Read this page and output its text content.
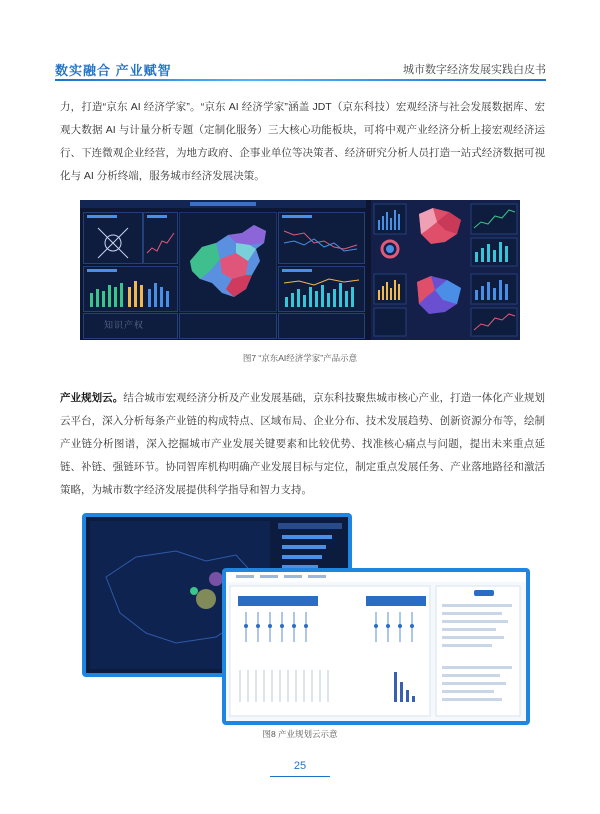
数实融合 产业赋智	城市数字经济发展实践白皮书

力，打造“京东 AI 经济学家”。“京东 AI 经济学家”涵盖 JDT（京东科技）宏观经济与社会发展数据库、宏观大数据 AI 与计量分析专题（定制化服务）三大核心功能板块，可将中观产业经济分析上接宏观经济运行、下连微观企业经营，为地方政府、企事业单位等决策者、经济研究分析人员打造一站式经济数据可视化与 AI 分析终端，服务城市经济发展决策。

知识产权
图7 “京东AI经济学家”产品示意

产业规划云。结合城市宏观经济分析及产业发展基础，京东科技聚焦城市核心产业，打造一体化产业规划云平台，深入分析每条产业链的构成特点、区域布局、企业分布、技术发展趋势、创新资源分布等，绘制产业链分析图谱，深入挖掘城市产业发展关键要素和比较优势、找准核心痛点与问题，提出未来重点延链、补链、强链环节。协同智库机构明确产业发展目标与定位，制定重点发展任务、产业落地路径和激活策略，为城市数字经济发展提供科学指导和智力支持。

图8 产业规划云示意
25
